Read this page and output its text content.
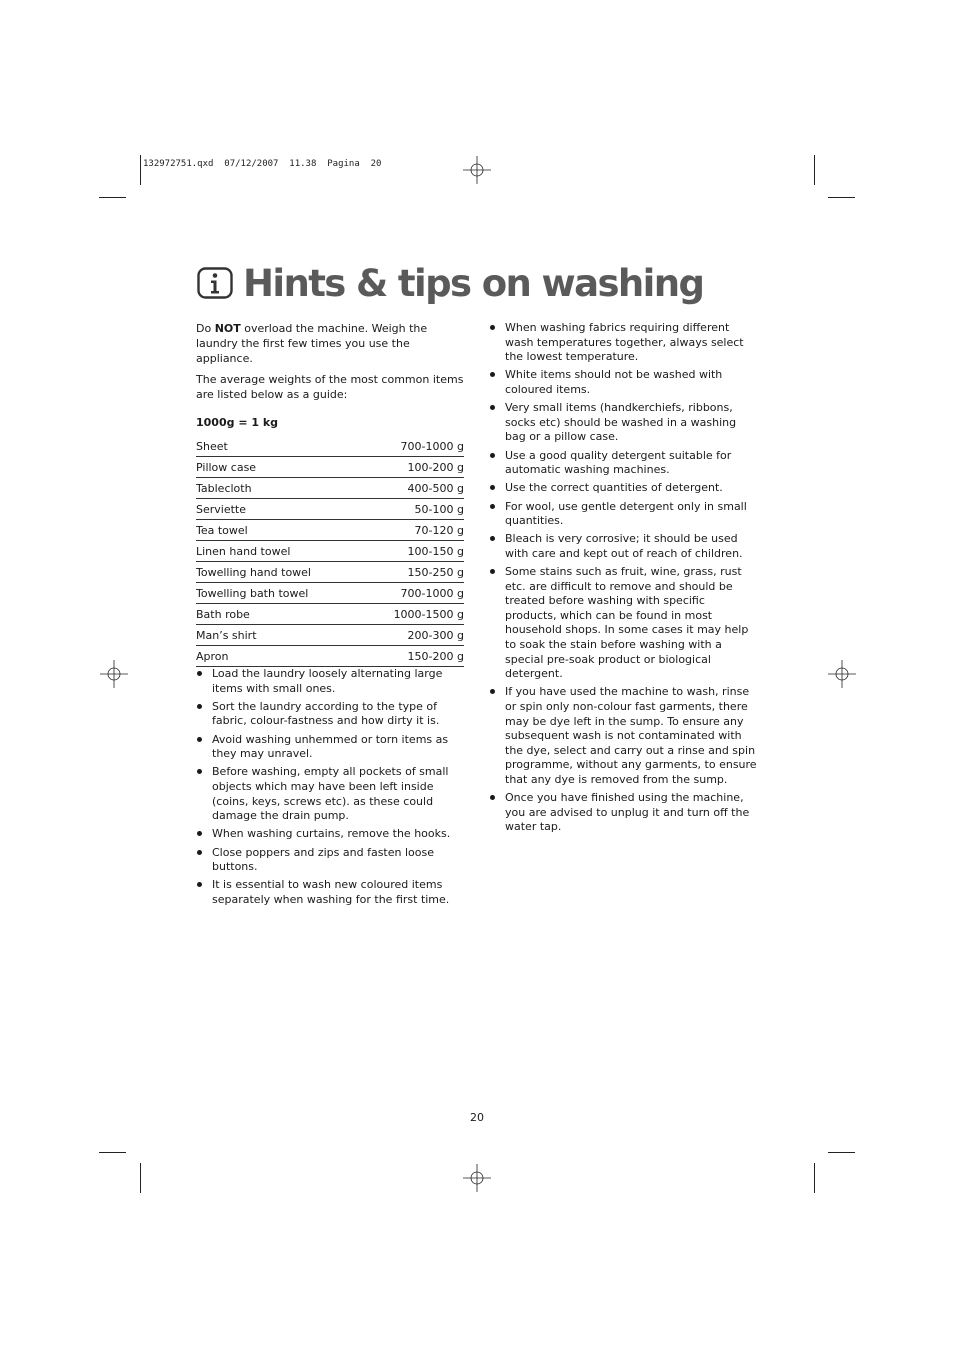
132972751.qxd  07/12/2007  11.38  Pagina  20
Hints & tips on washing

Do NOT overload the machine. Weigh the laundry the first few times you use the appliance.

The average weights of the most common items are listed below as a guide:

1000g = 1 kg
Sheet	700-1000 g
Pillow case	100-200 g
Tablecloth	400-500 g
Serviette	50-100 g
Tea towel	70-120 g
Linen hand towel	100-150 g
Towelling hand towel	150-250 g
Towelling bath towel	700-1000 g
Bath robe	1000-1500 g
Man’s shirt	200-300 g
Apron	150-200 g
Load the laundry loosely alternating large items with small ones.
Sort the laundry according to the type of fabric, colour-fastness and how dirty it is.
Avoid washing unhemmed or torn items as they may unravel.
Before washing, empty all pockets of small objects which may have been left inside (coins, keys, screws etc). as these could damage the drain pump.
When washing curtains, remove the hooks.
Close poppers and zips and fasten loose buttons.
It is essential to wash new coloured items separately when washing for the first time.
When washing fabrics requiring different wash temperatures together, always select the lowest temperature.
White items should not be washed with coloured items.
Very small items (handkerchiefs, ribbons, socks etc) should be washed in a washing bag or a pillow case.
Use a good quality detergent suitable for automatic washing machines.
Use the correct quantities of detergent.
For wool, use gentle detergent only in small quantities.
Bleach is very corrosive; it should be used with care and kept out of reach of children.
Some stains such as fruit, wine, grass, rust etc. are difficult to remove and should be treated before washing with specific products, which can be found in most household shops. In some cases it may help to soak the stain before washing with a special pre-soak product or biological detergent.
If you have used the machine to wash, rinse or spin only non-colour fast garments, there may be dye left in the sump. To ensure any subsequent wash is not contaminated with the dye, select and carry out a rinse and spin programme, without any garments, to ensure that any dye is removed from the sump.
Once you have finished using the machine, you are advised to unplug it and turn off the water tap.
20
